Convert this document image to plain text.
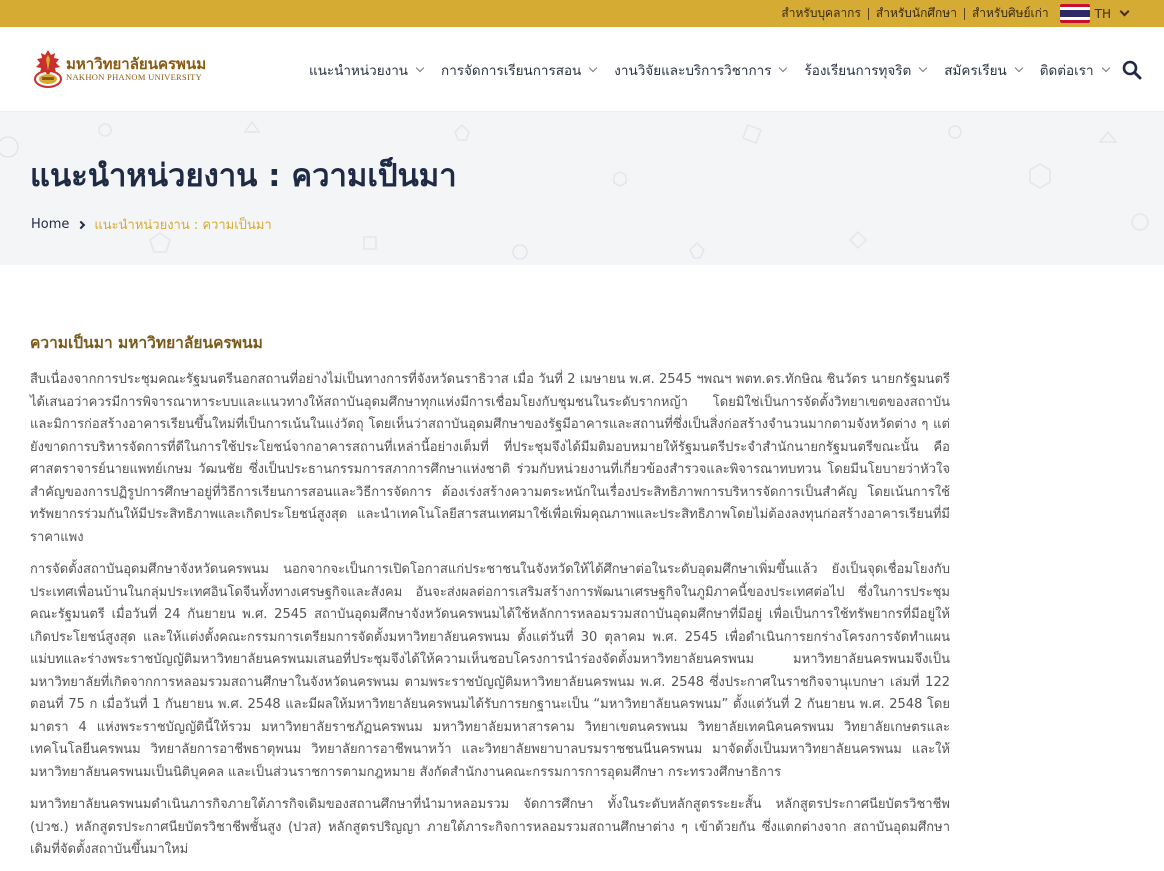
สำหรับบุคลากร	สำหรับนักศึกษา	สำหรับศิษย์เก่า	TH
มหาวิทยาลัยนครพนม
NAKHON PHANOM UNIVERSITY	แนะนำหน่วยงาน การจัดการเรียนการสอน งานวิจัยและบริการวิชาการ ร้องเรียนการทุจริต สมัครเรียน ติดต่อเรา
แนะนำหน่วยงาน : ความเป็นมา
Home แนะนำหน่วยงาน : ความเป็นมา
ความเป็นมา มหาวิทยาลัยนครพนม

สืบเนื่องจากการประชุมคณะรัฐมนตรีนอกสถานที่อย่างไม่เป็นทางการที่จังหวัดนราธิวาส เมื่อ วันที่ 2 เมษายน พ.ศ. 2545 ฯพณฯ พตท.ดร.ทักษิณ ชินวัตร นายกรัฐมนตรี ได้เสนอว่าควรมีการพิจารณาหาระบบและแนวทางให้สถาบันอุดมศึกษาทุกแห่งมีการเชื่อมโยงกับชุมชนในระดับรากหญ้า โดยมิใช่เป็นการจัดตั้งวิทยาเขตของสถาบัน และมิการก่อสร้างอาคารเรียนขึ้นใหม่ที่เป็นการเน้นในแง่วัตถุ โดยเห็นว่าสถาบันอุดมศึกษาของรัฐมีอาคารและสถานที่ซึ่งเป็นสิ่งก่อสร้างจำนวนมากตามจังหวัดต่าง ๆ แต่ยังขาดการบริหารจัดการที่ดีในการใช้ประโยชน์จากอาคารสถานที่เหล่านี้อย่างเต็มที่ ที่ประชุมจึงได้มีมติมอบหมายให้รัฐมนตรีประจำสำนักนายกรัฐมนตรีขณะนั้น คือ ศาสตราจารย์นายแพทย์เกษม วัฒนชัย ซึ่งเป็นประธานกรรมการสภาการศึกษาแห่งชาติ ร่วมกับหน่วยงานที่เกี่ยวข้องสำรวจและพิจารณาทบทวน โดยมีนโยบายว่าหัวใจสำคัญของการปฏิรูปการศึกษาอยู่ที่วิธีการเรียนการสอนและวิธีการจัดการ ต้องเร่งสร้างความตระหนักในเรื่องประสิทธิภาพการบริหารจัดการเป็นสำคัญ โดยเน้นการใช้ทรัพยากรร่วมกันให้มีประสิทธิภาพและเกิดประโยชน์สูงสุด และนำเทคโนโลยีสารสนเทศมาใช้เพื่อเพิ่มคุณภาพและประสิทธิภาพโดยไม่ต้องลงทุนก่อสร้างอาคารเรียนที่มีราคาแพง

การจัดตั้งสถาบันอุดมศึกษาจังหวัดนครพนม นอกจากจะเป็นการเปิดโอกาสแก่ประชาชนในจังหวัดให้ได้ศึกษาต่อในระดับอุดมศึกษาเพิ่มขึ้นแล้ว ยังเป็นจุดเชื่อมโยงกับประเทศเพื่อนบ้านในกลุ่มประเทศอินโดจีนทั้งทางเศรษฐกิจและสังคม อันจะส่งผลต่อการเสริมสร้างการพัฒนาเศรษฐกิจในภูมิภาคนี้ของประเทศต่อไป ซึ่งในการประชุมคณะรัฐมนตรี เมื่อวันที่ 24 กันยายน พ.ศ. 2545 สถาบันอุดมศึกษาจังหวัดนครพนมได้ใช้หลักการหลอมรวมสถาบันอุดมศึกษาที่มีอยู่ เพื่อเป็นการใช้ทรัพยากรที่มีอยู่ให้เกิดประโยชน์สูงสุด และให้แต่งตั้งคณะกรรมการเตรียมการจัดตั้งมหาวิทยาลัยนครพนม ตั้งแต่วันที่ 30 ตุลาคม พ.ศ. 2545 เพื่อดำเนินการยกร่างโครงการจัดทำแผนแม่บทและร่างพระราชบัญญัติมหาวิทยาลัยนครพนมเสนอที่ประชุมจึงได้ให้ความเห็นชอบโครงการนำร่องจัดตั้งมหาวิทยาลัยนครพนม มหาวิทยาลัยนครพนมจึงเป็นมหาวิทยาลัยที่เกิดจากการหลอมรวมสถานศึกษาในจังหวัดนครพนม ตามพระราชบัญญัติมหาวิทยาลัยนครพนม พ.ศ. 2548 ซึ่งประกาศในราชกิจจานุเบกษา เล่มที่ 122 ตอนที่ 75 ก เมื่อวันที่ 1 กันยายน พ.ศ. 2548 และมีผลให้มหาวิทยาลัยนครพนมได้รับการยกฐานะเป็น “มหาวิทยาลัยนครพนม” ตั้งแต่วันที่ 2 กันยายน พ.ศ. 2548 โดยมาตรา 4 แห่งพระราชบัญญัตินี้ให้รวม มหาวิทยาลัยราชภัฏนครพนม มหาวิทยาลัยมหาสารคาม วิทยาเขตนครพนม วิทยาลัยเทคนิคนครพนม วิทยาลัยเกษตรและเทคโนโลยีนครพนม วิทยาลัยการอาชีพธาตุพนม วิทยาลัยการอาชีพนาหว้า และวิทยาลัยพยาบาลบรมราชชนนีนครพนม มาจัดตั้งเป็นมหาวิทยาลัยนครพนม และให้มหาวิทยาลัยนครพนมเป็นนิติบุคคล และเป็นส่วนราชการตามกฎหมาย สังกัดสำนักงานคณะกรรมการการอุดมศึกษา กระทรวงศึกษาธิการ

มหาวิทยาลัยนครพนมดำเนินภารกิจภายใต้ภารกิจเดิมของสถานศึกษาที่นำมาหลอมรวม จัดการศึกษา ทั้งในระดับหลักสูตรระยะสั้น หลักสูตรประกาศนียบัตรวิชาชีพ (ปวช.) หลักสูตรประกาศนียบัตรวิชาชีพชั้นสูง (ปวส) หลักสูตรปริญญา ภายใต้ภาระกิจการหลอมรวมสถานศึกษาต่าง ๆ เข้าด้วยกัน ซึ่งแตกต่างจาก สถาบันอุดมศึกษาเดิมที่จัดตั้งสถาบันขึ้นมาใหม่
